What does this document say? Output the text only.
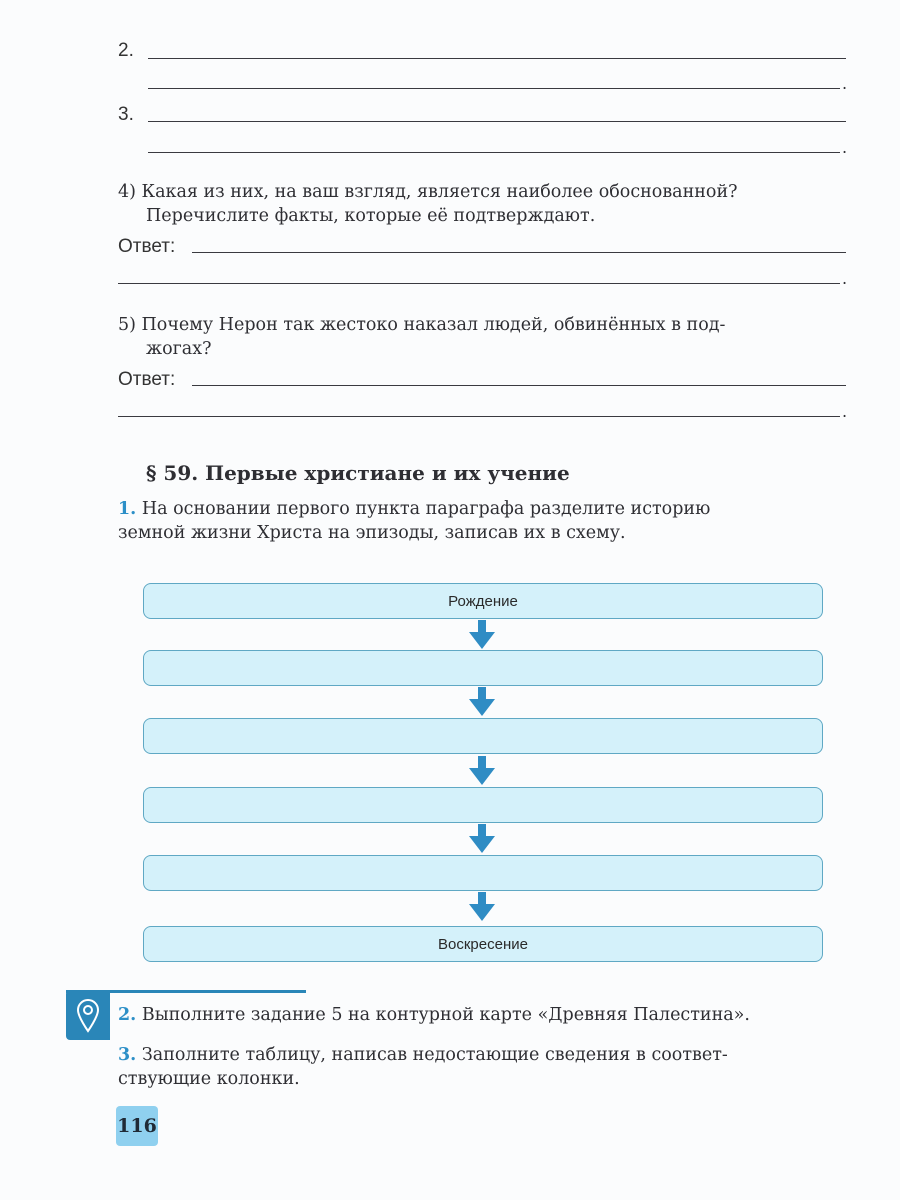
2.
.
3.
.
4) Какая из них, на ваш взгляд, является наиболее обоснованной?
Перечислите факты, которые её подтверждают.
Ответ:
.
5) Почему Нерон так жестоко наказал людей, обвинённых в под-
жогах?
Ответ:
.
§ 59. Первые христиане и их учение
1. На основании первого пункта параграфа разделите историю
земной жизни Христа на эпизоды, записав их в схему.
Рождение
Воскресение
2. Выполните задание 5 на контурной карте «Древняя Палестина».
3. Заполните таблицу, написав недостающие сведения в соответ-
ствующие колонки.
116
